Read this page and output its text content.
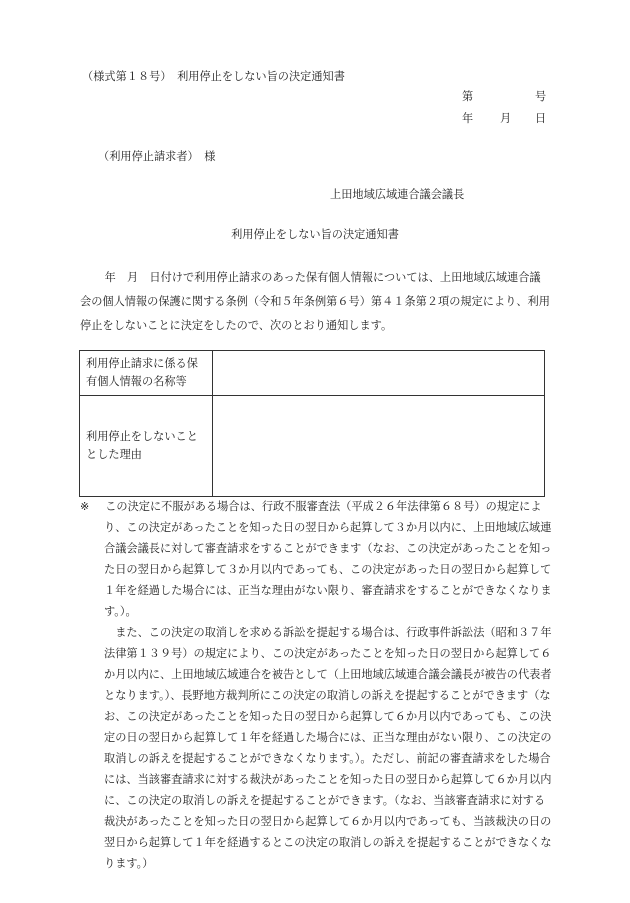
（様式第１８号）　利用停止をしない旨の決定通知書
第	号
年 月 日
（利用停止請求者）　様
上田地域広域連合議会議長
利用停止をしない旨の決定通知書
年　月　日付けで利用停止請求のあった保有個人情報については、上田地域広域連合議会の個人情報の保護に関する条例（令和５年条例第６号）第４１条第２項の規定により、利用停止をしないことに決定をしたので、次のとおり通知します。
利用停止請求に係る保有個人情報の名称等	
利用停止をしないこととした理由	

※　 この決定に不服がある場合は、行政不服審査法（平成２６年法律第６８号）の規定により、この決定があったことを知った日の翌日から起算して３か月以内に、上田地域広域連合議会議長に対して審査請求をすることができます（なお、この決定があったことを知った日の翌日から起算して３か月以内であっても、この決定があった日の翌日から起算して１年を経過した場合には、正当な理由がない限り、審査請求をすることができなくなります。）。

また、この決定の取消しを求める訴訟を提起する場合は、行政事件訴訟法（昭和３７年法律第１３９号）の規定により、この決定があったことを知った日の翌日から起算して６か月以内に、上田地域広域連合を被告として（上田地域広域連合議会議長が被告の代表者となります。）、長野地方裁判所にこの決定の取消しの訴えを提起することができます（なお、この決定があったことを知った日の翌日から起算して６か月以内であっても、この決定の日の翌日から起算して１年を経過した場合には、正当な理由がない限り、この決定の取消しの訴えを提起することができなくなります。）。ただし、前記の審査請求をした場合には、当該審査請求に対する裁決があったことを知った日の翌日から起算して６か月以内に、この決定の取消しの訴えを提起することができます。（なお、当該審査請求に対する裁決があったことを知った日の翌日から起算して６か月以内であっても、当該裁決の日の翌日から起算して１年を経過するとこの決定の取消しの訴えを提起することができなくなります。）
